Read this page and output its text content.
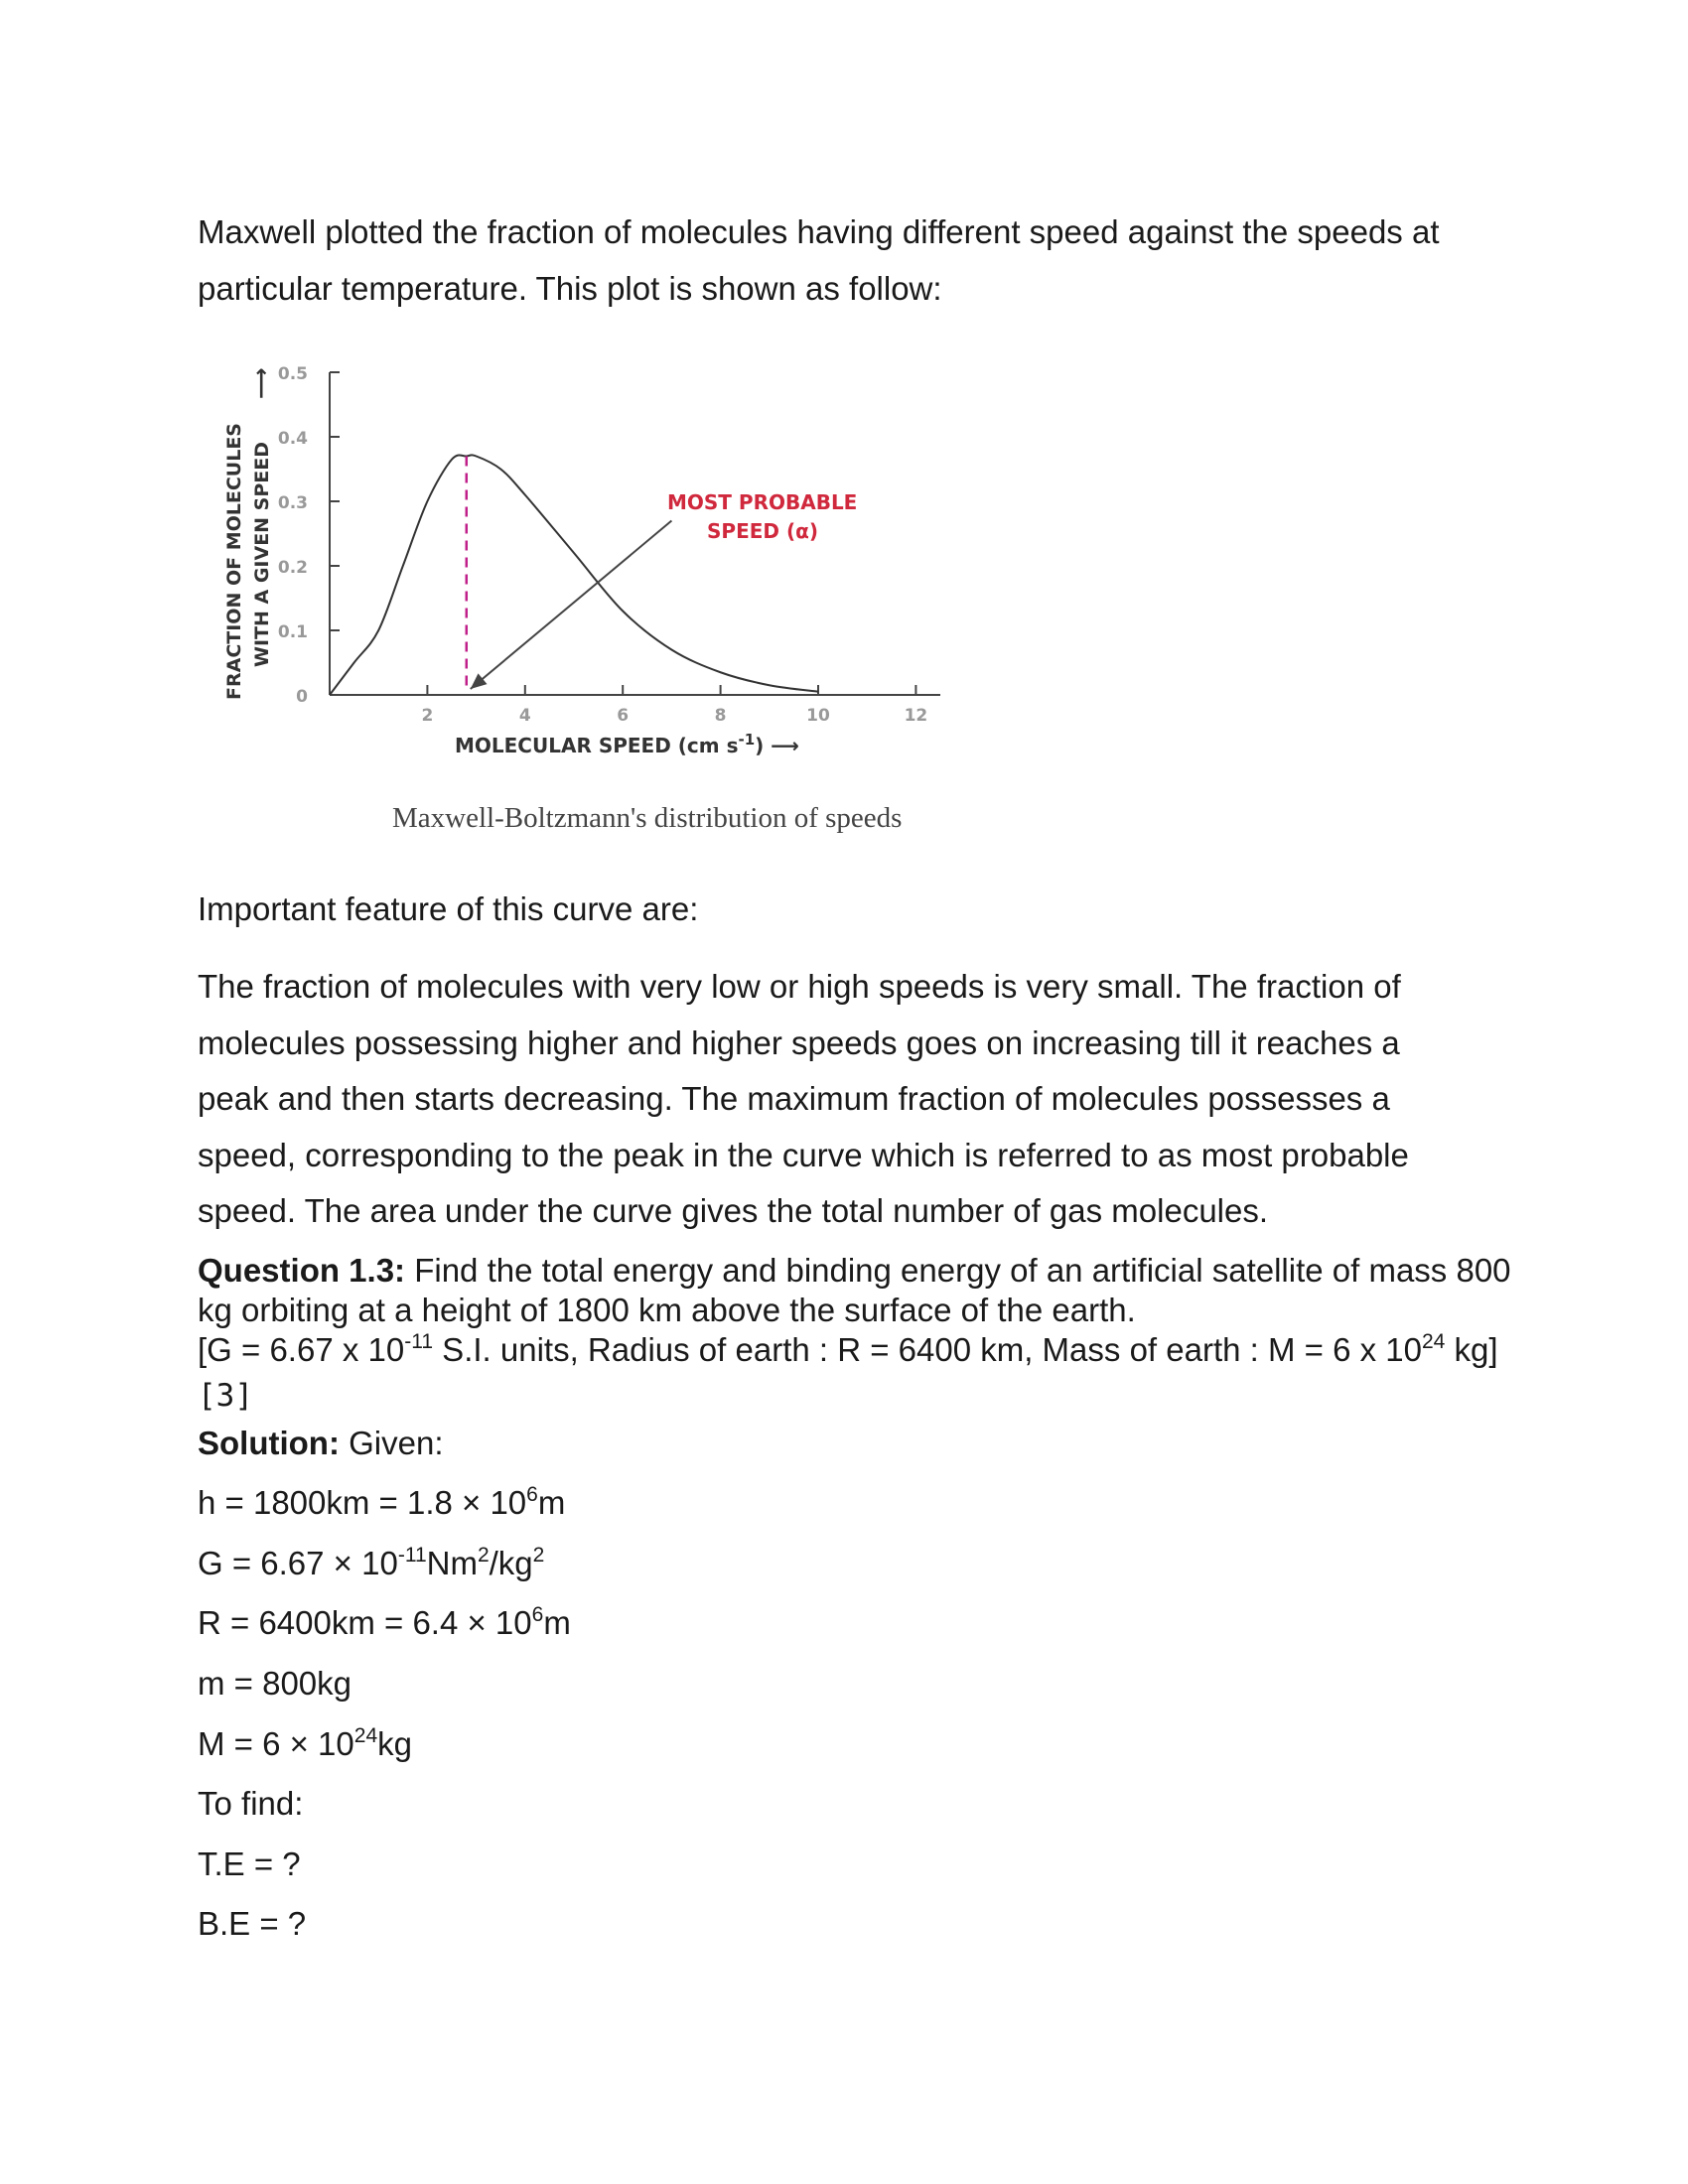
Maxwell plotted the fraction of molecules having different speed against the speeds at
particular temperature. This plot is shown as follow:

FRACTION OF MOLECULES WITH A GIVEN SPEED
⟶
0
0.1
0.2
0.3
0.4
0.5
2	4	6	8	10	12
MOST PROBABLE
SPEED (α)
MOLECULAR SPEED (cm $s^{-1}$) ⟶
Maxwell-Boltzmann's distribution of speeds

Important feature of this curve are:

The fraction of molecules with very low or high speeds is very small. The fraction of
molecules possessing higher and higher speeds goes on increasing till it reaches a
peak and then starts decreasing. The maximum fraction of molecules possesses a
speed, corresponding to the peak in the curve which is referred to as most probable
speed. The area under the curve gives the total number of gas molecules.

Question 1.3: Find the total energy and binding energy of an artificial satellite of mass 800 kg orbiting at a height of 1800 km above the surface of the earth.
[G = 6.67 x $10^{-11}$ S.I. units, Radius of earth : R = 6400 km, Mass of earth : M = 6 x $10^{24}$ kg]
[3]

Solution: Given:

$h = 1800km = 1.8 \times 10^6m$

$G = 6.67 \times 10^{-11}Nm^2/kg^2$

$R = 6400km = 6.4 \times 10^6m$

m = 800kg

$M = 6 \times 10^{24}kg$

To find:

T.E = ?

B.E = ?
